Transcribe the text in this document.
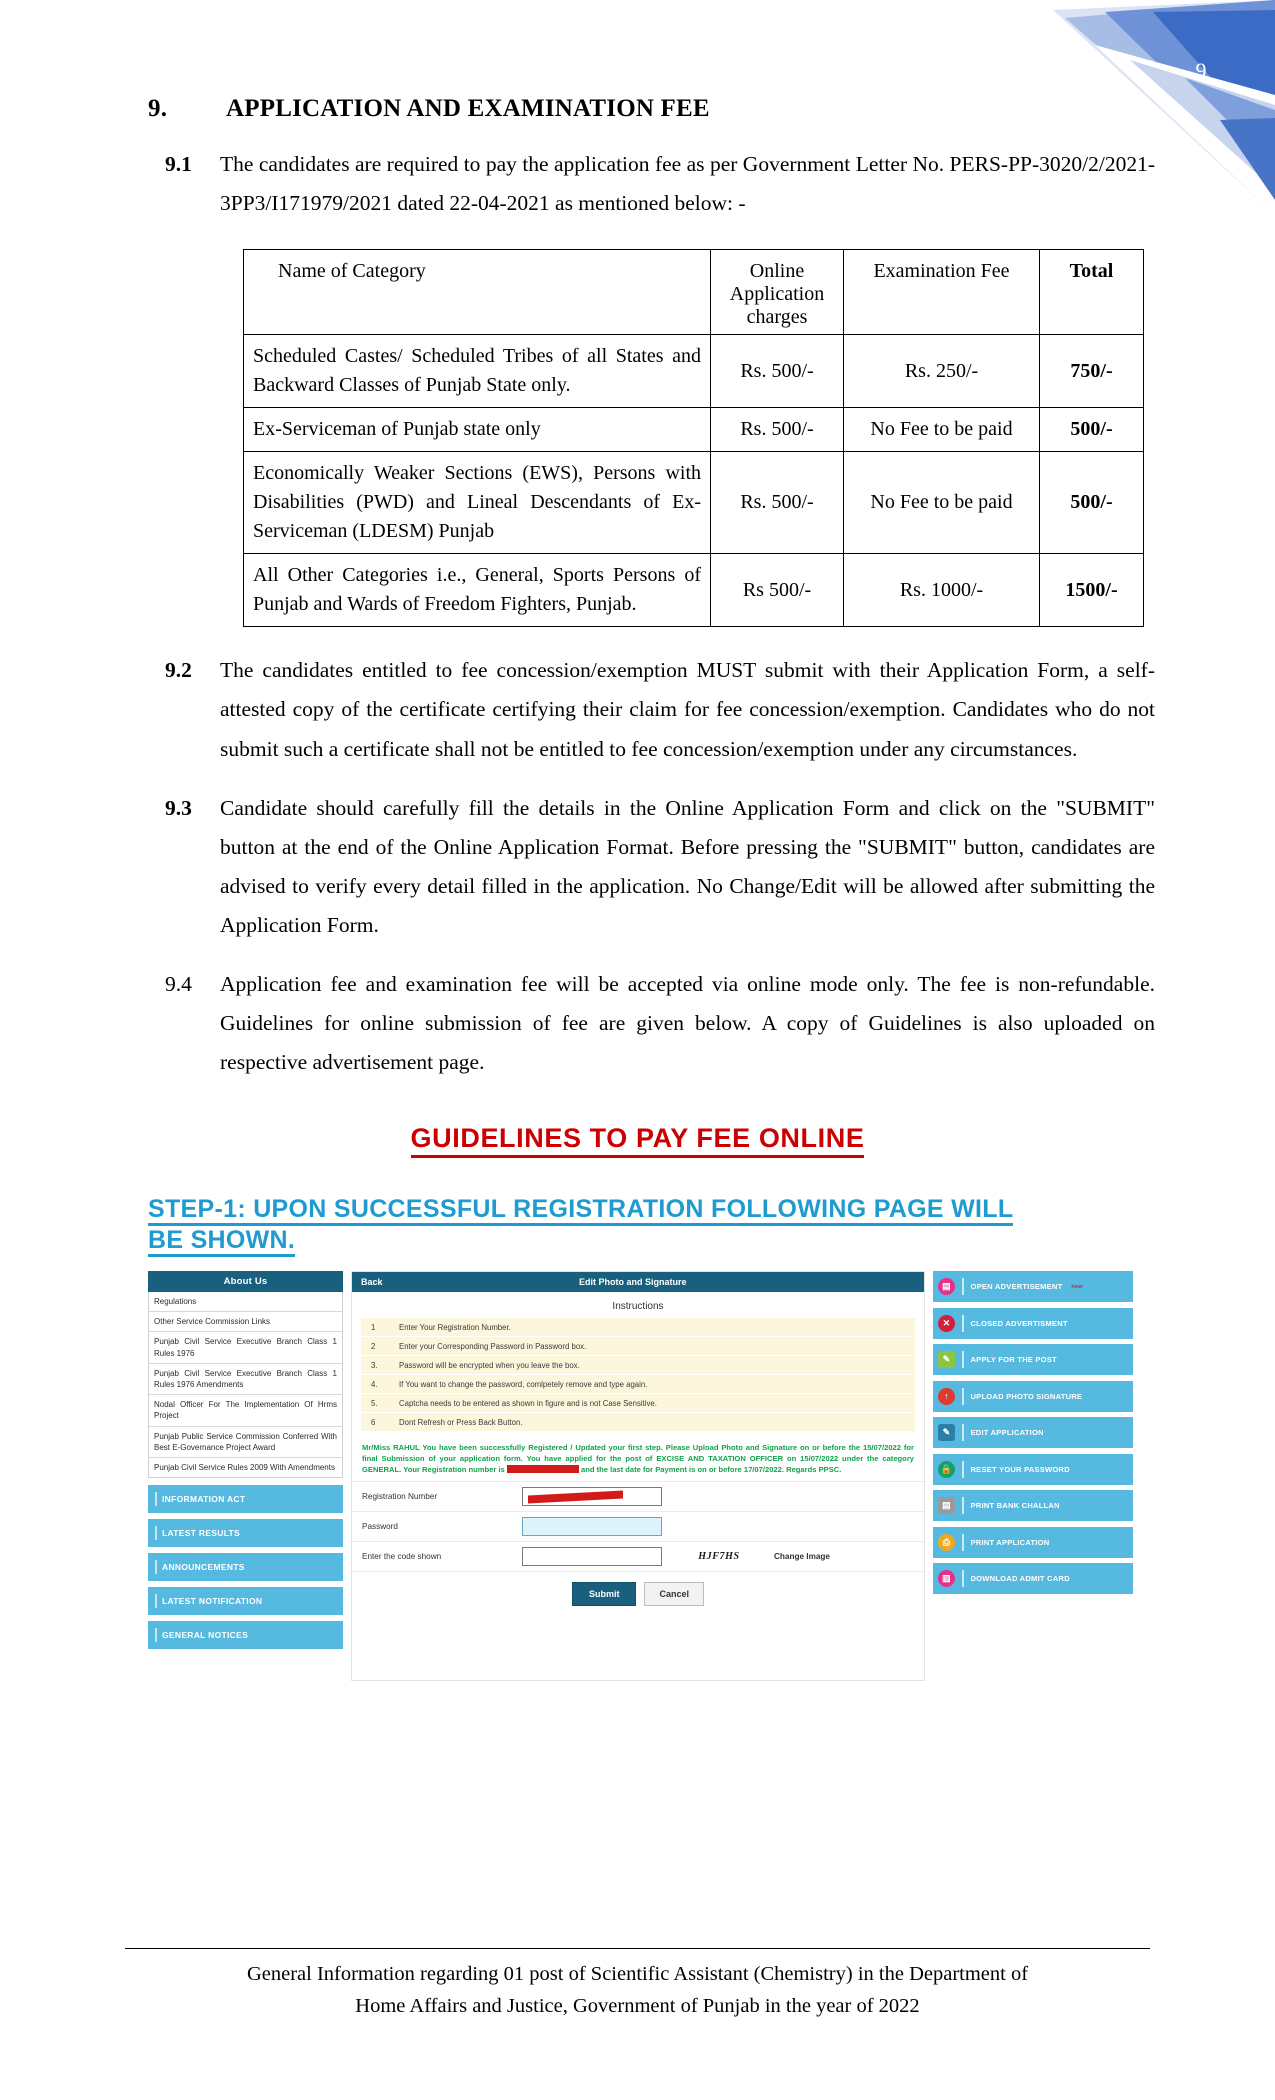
9
9.	APPLICATION AND EXAMINATION FEE
9.1	The candidates are required to pay the application fee as per Government Letter No. PERS-PP-3020/2/2021-3PP3/I171979/2021 dated 22-04-2021 as mentioned below: -
Name of Category	Online Application charges	Examination Fee	Total
Scheduled Castes/ Scheduled Tribes of all States and Backward Classes of Punjab State only.	Rs. 500/-	Rs. 250/-	750/-
Ex-Serviceman of Punjab state only	Rs. 500/-	No Fee to be paid	500/-
Economically Weaker Sections (EWS), Persons with Disabilities (PWD) and Lineal Descendants of Ex-Serviceman (LDESM) Punjab	Rs. 500/-	No Fee to be paid	500/-
All Other Categories i.e., General, Sports Persons of Punjab and Wards of Freedom Fighters, Punjab.	Rs 500/-	Rs. 1000/-	1500/-
9.2	The candidates entitled to fee concession/exemption MUST submit with their Application Form, a self-attested copy of the certificate certifying their claim for fee concession/exemption. Candidates who do not submit such a certificate shall not be entitled to fee concession/exemption under any circumstances.
9.3	Candidate should carefully fill the details in the Online Application Form and click on the "SUBMIT" button at the end of the Online Application Format. Before pressing the "SUBMIT" button, candidates are advised to verify every detail filled in the application. No Change/Edit will be allowed after submitting the Application Form.
9.4	Application fee and examination fee will be accepted via online mode only. The fee is non-refundable. Guidelines for online submission of fee are given below. A copy of Guidelines is also uploaded on respective advertisement page.
GUIDELINES TO PAY FEE ONLINE
STEP-1: UPON SUCCESSFUL REGISTRATION FOLLOWING PAGE WILL BE SHOWN.
About Us
Regulations
Other Service Commission Links
Punjab Civil Service Executive Branch Class 1 Rules 1976
Punjab Civil Service Executive Branch Class 1 Rules 1976 Amendments
Nodal Officer For The Implementation Of Hrms Project
Punjab Public Service Commission Conferred With Best E-Governance Project Award
Punjab Civil Service Rules 2009 With Amendments
INFORMATION ACT
LATEST RESULTS
ANNOUNCEMENTS
LATEST NOTIFICATION
GENERAL NOTICES
Back	Edit Photo and Signature
Instructions
1	Enter Your Registration Number.
2	Enter your Corresponding Password in Password box.
3.	Password will be encrypted when you leave the box.
4.	If You want to change the password, comlpetely remove and type again.
5.	Captcha needs to be entered as shown in figure and is not Case Sensitive.
6	Dont Refresh or Press Back Button.
Mr/Miss RAHUL You have been successfully Registered / Updated your first step. Please Upload Photo and Signature on or before the 15/07/2022 for final Submission of your application form. You have applied for the post of EXCISE AND TAXATION OFFICER on 15/07/2022 under the category GENERAL. Your Registration number is	and the last date for Payment is on or before 17/07/2022. Regards PPSC.
Registration Number
Password
Enter the code shown	HJF7HS	Change Image
Submit	Cancel
▤	OPEN ADVERTISEMENT new
✕	CLOSED ADVERTISMENT
✎	APPLY FOR THE POST
↑	UPLOAD PHOTO SIGNATURE
✎	EDIT APPLICATION
🔒	RESET YOUR PASSWORD
▤	PRINT BANK CHALLAN
⎙	PRINT APPLICATION
▥	DOWNLOAD ADMIT CARD
General Information regarding 01 post of Scientific Assistant (Chemistry) in the Department of
Home Affairs and Justice, Government of Punjab in the year of 2022
